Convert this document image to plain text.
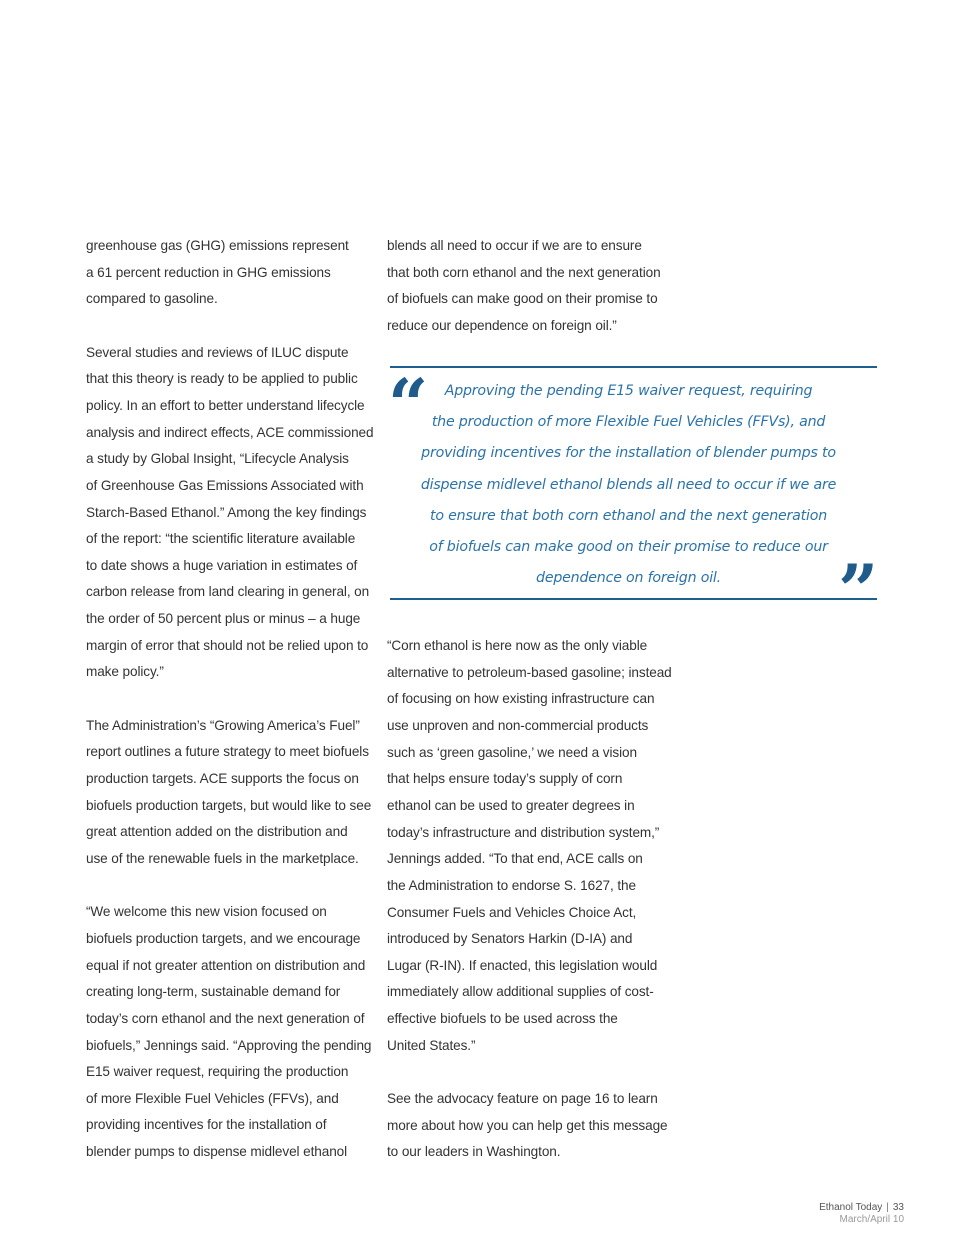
greenhouse gas (GHG) emissions represent
a 61 percent reduction in GHG emissions
compared to gasoline.
Several studies and reviews of ILUC dispute
that this theory is ready to be applied to public
policy. In an effort to better understand lifecycle
analysis and indirect effects, ACE commissioned
a study by Global Insight, “Lifecycle Analysis
of Greenhouse Gas Emissions Associated with
Starch-Based Ethanol.” Among the key findings
of the report: “the scientific literature available
to date shows a huge variation in estimates of
carbon release from land clearing in general, on
the order of 50 percent plus or minus – a huge
margin of error that should not be relied upon to
make policy.”
The Administration’s “Growing America’s Fuel”
report outlines a future strategy to meet biofuels
production targets. ACE supports the focus on
biofuels production targets, but would like to see
great attention added on the distribution and
use of the renewable fuels in the marketplace.
“We welcome this new vision focused on
biofuels production targets, and we encourage
equal if not greater attention on distribution and
creating long-term, sustainable demand for
today’s corn ethanol and the next generation of
biofuels,” Jennings said. “Approving the pending
E15 waiver request, requiring the production
of more Flexible Fuel Vehicles (FFVs), and
providing incentives for the installation of
blender pumps to dispense midlevel ethanol
blends all need to occur if we are to ensure
that both corn ethanol and the next generation
of biofuels can make good on their promise to
reduce our dependence on foreign oil.”
“Corn ethanol is here now as the only viable
alternative to petroleum-based gasoline; instead
of focusing on how existing infrastructure can
use unproven and non-commercial products
such as ‘green gasoline,’ we need a vision
that helps ensure today’s supply of corn
ethanol can be used to greater degrees in
today’s infrastructure and distribution system,”
Jennings added. “To that end, ACE calls on
the Administration to endorse S. 1627, the
Consumer Fuels and Vehicles Choice Act,
introduced by Senators Harkin (D-IA) and
Lugar (R-IN). If enacted, this legislation would
immediately allow additional supplies of cost-
effective biofuels to be used across the
United States.”
See the advocacy feature on page 16 to learn
more about how you can help get this message
to our leaders in Washington.
“	Approving the pending E15 waiver request, requiring
the production of more Flexible Fuel Vehicles (FFVs), and
providing incentives for the installation of blender pumps to
dispense midlevel ethanol blends all need to occur if we are
to ensure that both corn ethanol and the next generation
of biofuels can make good on their promise to reduce our
dependence on foreign oil.	”
Ethanol Today | 33
March/April 10
